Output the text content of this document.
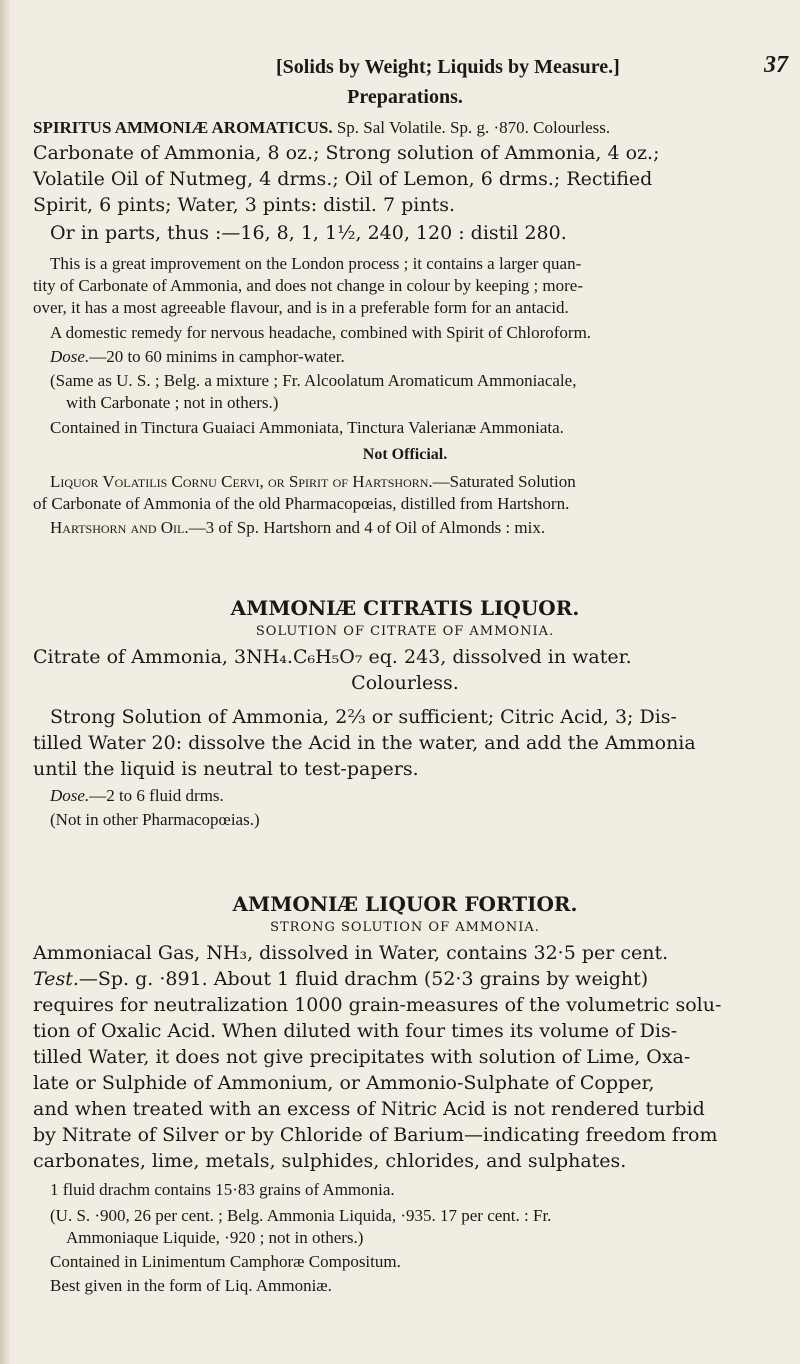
[Solids by Weight; Liquids by Measure.]	37
Preparations.
SPIRITUS AMMONIÆ AROMATICUS. Sp. Sal Volatile. Sp. g. ·870. Colourless.
Carbonate of Ammonia, 8 oz.; Strong solution of Ammonia, 4 oz.;
Volatile Oil of Nutmeg, 4 drms.; Oil of Lemon, 6 drms.; Rectified
Spirit, 6 pints; Water, 3 pints: distil. 7 pints.
Or in parts, thus :—16, 8, 1, 1½, 240, 120 : distil 280.
This is a great improvement on the London process ; it contains a larger quan-
tity of Carbonate of Ammonia, and does not change in colour by keeping ; more-
over, it has a most agreeable flavour, and is in a preferable form for an antacid.
A domestic remedy for nervous headache, combined with Spirit of Chloroform.
Dose.—20 to 60 minims in camphor-water.
(Same as U. S. ; Belg. a mixture ; Fr. Alcoolatum Aromaticum Ammoniacale,
with Carbonate ; not in others.)
Contained in Tinctura Guaiaci Ammoniata, Tinctura Valerianæ Ammoniata.
Not Official.
Liquor Volatilis Cornu Cervi, or Spirit of Hartshorn.—Saturated Solution
of Carbonate of Ammonia of the old Pharmacopœias, distilled from Hartshorn.
Hartshorn and Oil.—3 of Sp. Hartshorn and 4 of Oil of Almonds : mix.
AMMONIÆ CITRATIS LIQUOR.
SOLUTION OF CITRATE OF AMMONIA.
Citrate of Ammonia, 3NH₄.C₆H₅O₇ eq. 243, dissolved in water.
Colourless.
Strong Solution of Ammonia, 2⅔ or sufficient; Citric Acid, 3; Dis-
tilled Water 20: dissolve the Acid in the water, and add the Ammonia
until the liquid is neutral to test-papers.
Dose.—2 to 6 fluid drms.
(Not in other Pharmacopœias.)
AMMONIÆ LIQUOR FORTIOR.
STRONG SOLUTION OF AMMONIA.
Ammoniacal Gas, NH₃, dissolved in Water, contains 32·5 per cent.
Test.—Sp. g. ·891. About 1 fluid drachm (52·3 grains by weight)
requires for neutralization 1000 grain-measures of the volumetric solu-
tion of Oxalic Acid. When diluted with four times its volume of Dis-
tilled Water, it does not give precipitates with solution of Lime, Oxa-
late or Sulphide of Ammonium, or Ammonio-Sulphate of Copper,
and when treated with an excess of Nitric Acid is not rendered turbid
by Nitrate of Silver or by Chloride of Barium—indicating freedom from
carbonates, lime, metals, sulphides, chlorides, and sulphates.
1 fluid drachm contains 15·83 grains of Ammonia.
(U. S. ·900, 26 per cent. ; Belg. Ammonia Liquida, ·935. 17 per cent. : Fr.
Ammoniaque Liquide, ·920 ; not in others.)
Contained in Linimentum Camphoræ Compositum.
Best given in the form of Liq. Ammoniæ.
